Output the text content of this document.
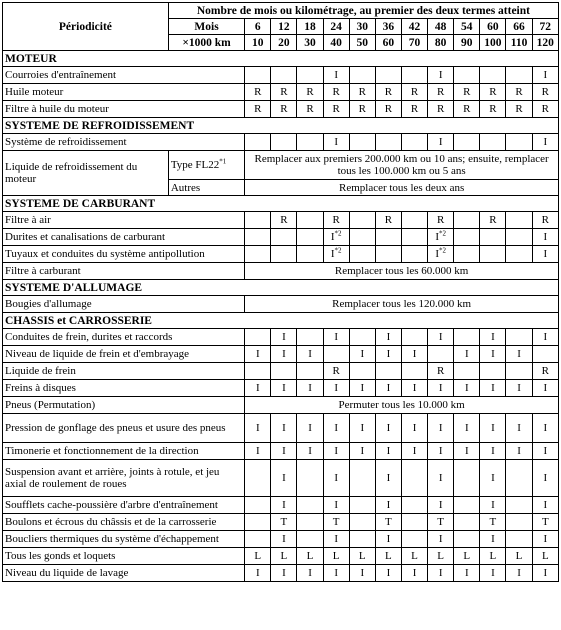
Périodicité	Nombre de mois ou kilométrage, au premier des deux termes atteint												
	Mois	6	12	18	24	30	36	42	48	54	60	66	72
	×1000 km	10	20	30	40	50	60	70	80	90	100	110	120
MOTEUR													
Courroies d'entraînement					I				I				I
Huile moteur		R	R	R	R	R	R	R	R	R	R	R	R
Filtre à huile du moteur		R	R	R	R	R	R	R	R	R	R	R	R
SYSTEME DE REFROIDISSEMENT													
Système de refroidissement					I				I				I
Liquide de refroidissement du moteur	Type FL22$^{*1}$	Remplacer aux premiers 200.000 km ou 10 ans; ensuite, remplacer tous les 100.000 km ou 5 ans											
	Autres	Remplacer tous les deux ans											
SYSTEME DE CARBURANT													
Filtre à air			R		R		R		R		R		R
Durites et canalisations de carburant					$I^{*2}$				$I^{*2}$				I
Tuyaux et conduites du système antipollution					$I^{*2}$				$I^{*2}$				I
Filtre à carburant		Remplacer tous les 60.000 km											
SYSTEME D'ALLUMAGE													
Bougies d'allumage		Remplacer tous les 120.000 km											
CHASSIS et CARROSSERIE													
Conduites de frein, durites et raccords			I		I		I		I		I		I
Niveau de liquide de frein et d'embrayage		I	I	I		I	I	I		I	I	I	
Liquide de frein					R				R				R
Freins à disques		I	I	I	I	I	I	I	I	I	I	I	I
Pneus (Permutation)		Permuter tous les 10.000 km											
Pression de gonflage des pneus et usure des pneus		I	I	I	I	I	I	I	I	I	I	I	I
Timonerie et fonctionnement de la direction		I	I	I	I	I	I	I	I	I	I	I	I
Suspension avant et arrière, joints à rotule, et jeu axial de roulement de roues			I		I		I		I		I		I
Soufflets cache-poussière d'arbre d'entraînement			I		I		I		I		I		I
Boulons et écrous du châssis et de la carrosserie			T		T		T		T		T		T
Boucliers thermiques du système d'échappement			I		I		I		I		I		I
Tous les gonds et loquets		L	L	L	L	L	L	L	L	L	L	L	L
Niveau du liquide de lavage		I	I	I	I	I	I	I	I	I	I	I	I
